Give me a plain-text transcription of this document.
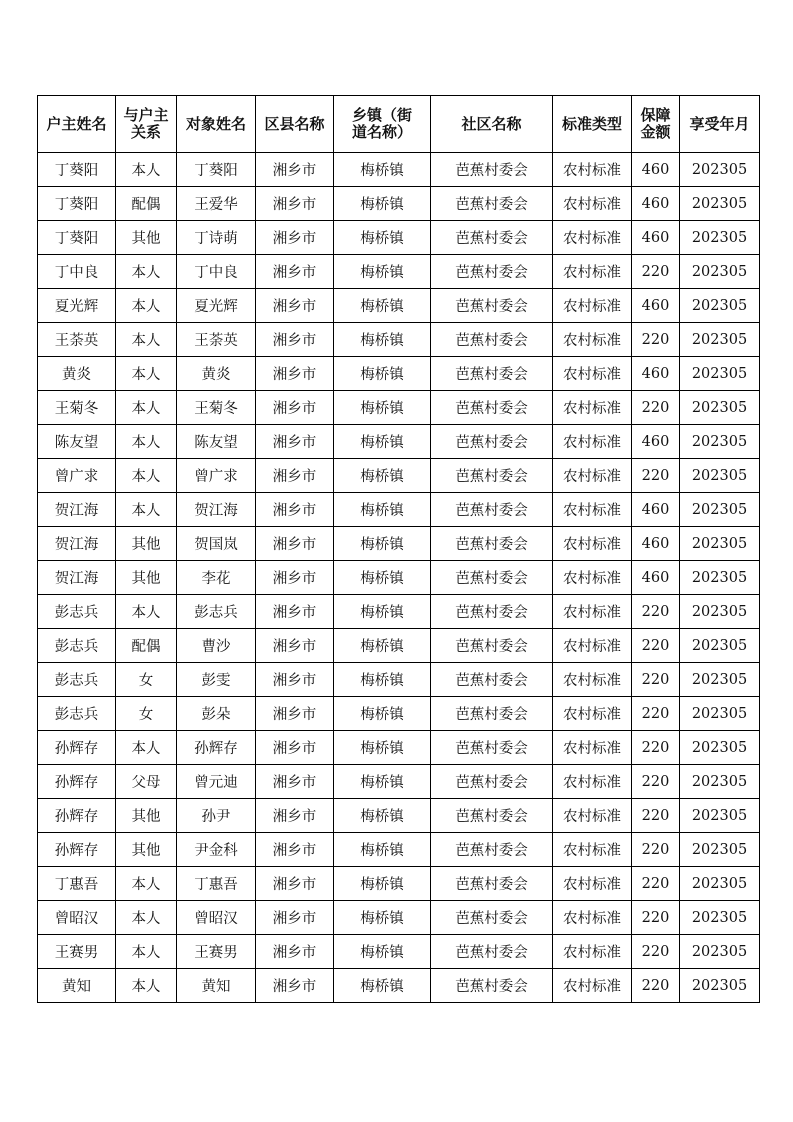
户主姓名	与户主关系	对象姓名	区县名称	乡镇（街道名称）	社区名称	标准类型	保障金额	享受年月
丁葵阳	本人	丁葵阳	湘乡市	梅桥镇	芭蕉村委会	农村标准	460	202305
丁葵阳	配偶	王爱华	湘乡市	梅桥镇	芭蕉村委会	农村标准	460	202305
丁葵阳	其他	丁诗萌	湘乡市	梅桥镇	芭蕉村委会	农村标准	460	202305
丁中良	本人	丁中良	湘乡市	梅桥镇	芭蕉村委会	农村标准	220	202305
夏光辉	本人	夏光辉	湘乡市	梅桥镇	芭蕉村委会	农村标准	460	202305
王荼英	本人	王荼英	湘乡市	梅桥镇	芭蕉村委会	农村标准	220	202305
黄炎	本人	黄炎	湘乡市	梅桥镇	芭蕉村委会	农村标准	460	202305
王菊冬	本人	王菊冬	湘乡市	梅桥镇	芭蕉村委会	农村标准	220	202305
陈友望	本人	陈友望	湘乡市	梅桥镇	芭蕉村委会	农村标准	460	202305
曾广求	本人	曾广求	湘乡市	梅桥镇	芭蕉村委会	农村标准	220	202305
贺江海	本人	贺江海	湘乡市	梅桥镇	芭蕉村委会	农村标准	460	202305
贺江海	其他	贺国岚	湘乡市	梅桥镇	芭蕉村委会	农村标准	460	202305
贺江海	其他	李花	湘乡市	梅桥镇	芭蕉村委会	农村标准	460	202305
彭志兵	本人	彭志兵	湘乡市	梅桥镇	芭蕉村委会	农村标准	220	202305
彭志兵	配偶	曹沙	湘乡市	梅桥镇	芭蕉村委会	农村标准	220	202305
彭志兵	女	彭雯	湘乡市	梅桥镇	芭蕉村委会	农村标准	220	202305
彭志兵	女	彭朵	湘乡市	梅桥镇	芭蕉村委会	农村标准	220	202305
孙辉存	本人	孙辉存	湘乡市	梅桥镇	芭蕉村委会	农村标准	220	202305
孙辉存	父母	曾元迪	湘乡市	梅桥镇	芭蕉村委会	农村标准	220	202305
孙辉存	其他	孙尹	湘乡市	梅桥镇	芭蕉村委会	农村标准	220	202305
孙辉存	其他	尹金科	湘乡市	梅桥镇	芭蕉村委会	农村标准	220	202305
丁惠吾	本人	丁惠吾	湘乡市	梅桥镇	芭蕉村委会	农村标准	220	202305
曾昭汉	本人	曾昭汉	湘乡市	梅桥镇	芭蕉村委会	农村标准	220	202305
王赛男	本人	王赛男	湘乡市	梅桥镇	芭蕉村委会	农村标准	220	202305
黄知	本人	黄知	湘乡市	梅桥镇	芭蕉村委会	农村标准	220	202305
